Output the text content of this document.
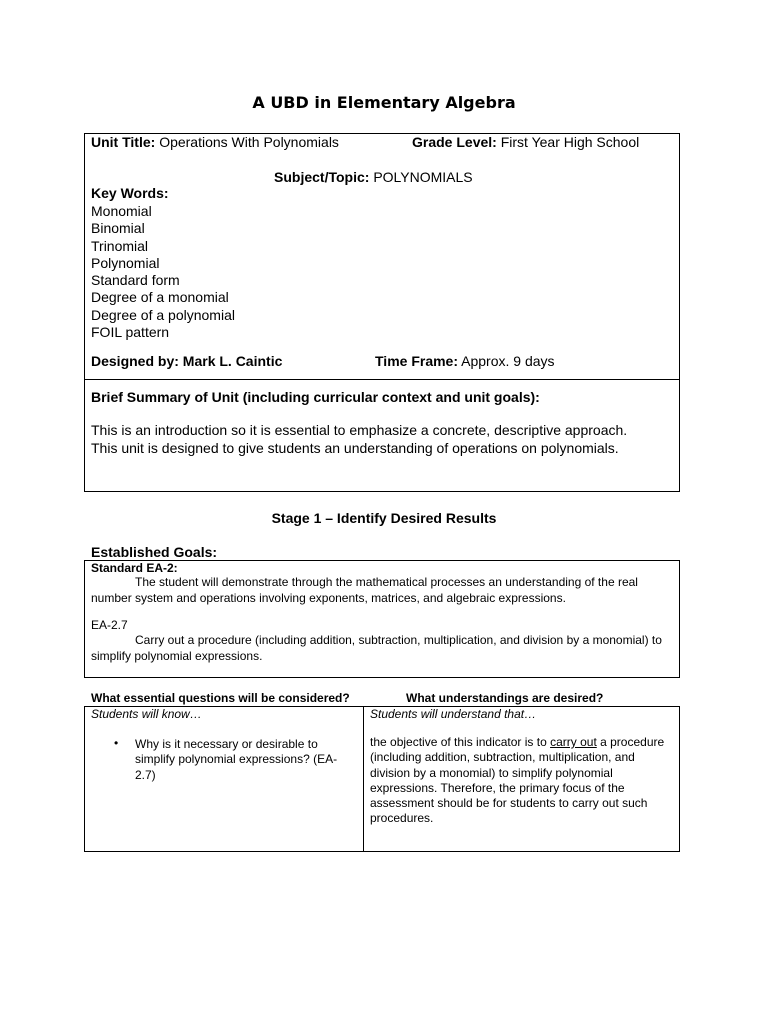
A UBD in Elementary Algebra
Unit Title: Operations With Polynomials	Grade Level: First Year High School
Subject/Topic: POLYNOMIALS
Key Words:
Monomial
Binomial
Trinomial
Polynomial
Standard form
Degree of a monomial
Degree of a polynomial
FOIL pattern
Designed by: Mark L. Caintic	Time Frame: Approx. 9 days
Brief Summary of Unit (including curricular context and unit goals):
This is an introduction so it is essential to emphasize a concrete, descriptive approach.
This unit is designed to give students an understanding of operations on polynomials.
Stage 1 – Identify Desired Results
Established Goals:
Standard EA-2:
The student will demonstrate through the mathematical processes an understanding of the real number system and operations involving exponents, matrices, and algebraic expressions.
EA-2.7
Carry out a procedure (including addition, subtraction, multiplication, and division by a monomial) to simplify polynomial expressions.
What essential questions will be considered?	What understandings are desired?
Students will know…	Students will understand that…
• Why is it necessary or desirable to simplify polynomial expressions? (EA-2.7)
the objective of this indicator is to carry out a procedure (including addition, subtraction, multiplication, and division by a monomial) to simplify polynomial expressions. Therefore, the primary focus of the assessment should be for students to carry out such procedures.
